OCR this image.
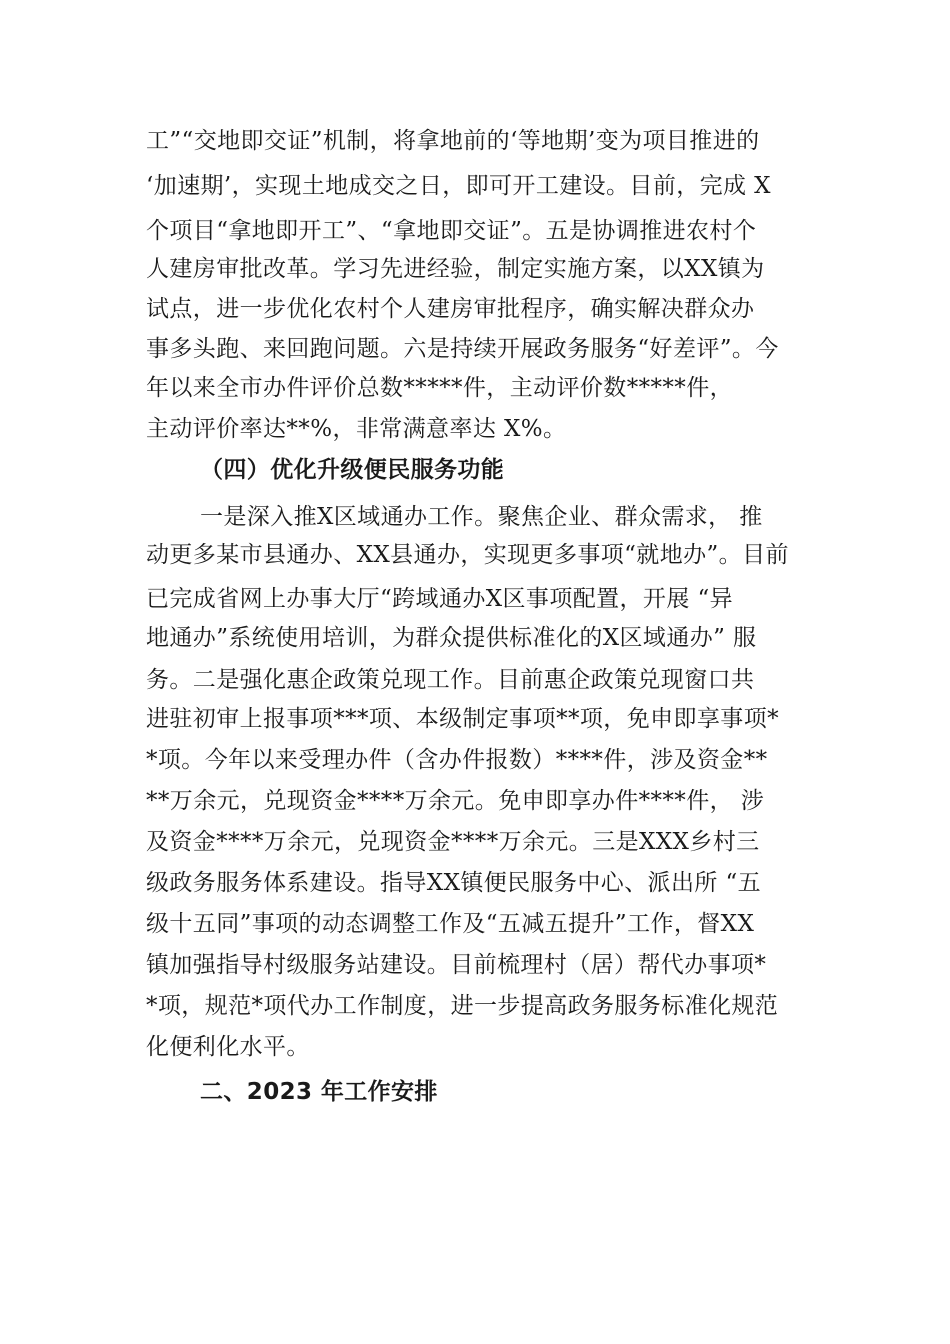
工”“交地即交证”机制，将拿地前的‘等地期’变为项目推进的
‘加速期’，实现土地成交之日，即可开工建设。目前，完成 X
个项目“拿地即开工”、“拿地即交证”。五是协调推进农村个
人建房审批改革。学习先进经验，制定实施方案，以XX镇为
试点，进一步优化农村个人建房审批程序，确实解决群众办
事多头跑、来回跑问题。六是持续开展政务服务“好差评”。今
年以来全市办件评价总数*****件，主动评价数*****件，
主动评价率达**%，非常满意率达 X%。
（四）优化升级便民服务功能
一是深入推X区域通办工作。聚焦企业、群众需求， 推
动更多某市县通办、XX县通办，实现更多事项“就地办”。目前
已完成省网上办事大厅“跨域通办X区事项配置，开展 “异
地通办”系统使用培训，为群众提供标准化的X区域通办” 服
务。二是强化惠企政策兑现工作。目前惠企政策兑现窗口共
进驻初审上报事项***项、本级制定事项**项，免申即享事项*
*项。今年以来受理办件（含办件报数）****件，涉及资金**
**万余元，兑现资金****万余元。免申即享办件****件， 涉
及资金****万余元，兑现资金****万余元。三是XXX乡村三
级政务服务体系建设。指导XX镇便民服务中心、派出所 “五
级十五同”事项的动态调整工作及“五减五提升”工作，督XX
镇加强指导村级服务站建设。目前梳理村（居）帮代办事项*
*项，规范*项代办工作制度，进一步提高政务服务标准化规范
化便利化水平。
二、2023 年工作安排
